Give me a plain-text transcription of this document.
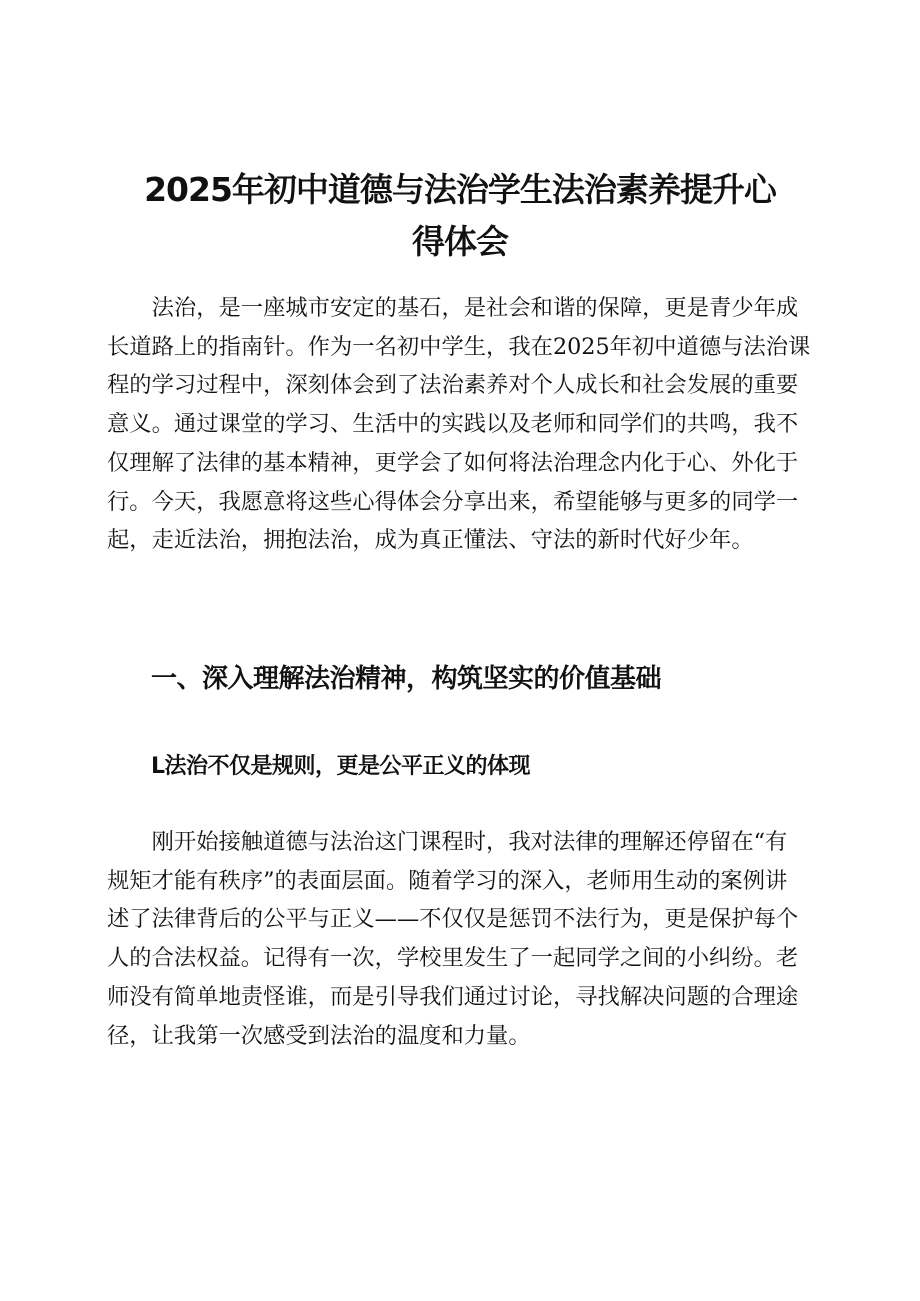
2025年初中道德与法治学生法治素养提升心
得体会

法治，是一座城市安定的基石，是社会和谐的保障，更是青少年成
长道路上的指南针。作为一名初中学生，我在2025年初中道德与法治课
程的学习过程中，深刻体会到了法治素养对个人成长和社会发展的重要
意义。通过课堂的学习、生活中的实践以及老师和同学们的共鸣，我不
仅理解了法律的基本精神，更学会了如何将法治理念内化于心、外化于
行。今天，我愿意将这些心得体会分享出来，希望能够与更多的同学一
起，走近法治，拥抱法治，成为真正懂法、守法的新时代好少年。

一、深入理解法治精神，构筑坚实的价值基础
L法治不仅是规则，更是公平正义的体现

刚开始接触道德与法治这门课程时，我对法律的理解还停留在“有
规矩才能有秩序”的表面层面。随着学习的深入，老师用生动的案例讲
述了法律背后的公平与正义——不仅仅是惩罚不法行为，更是保护每个
人的合法权益。记得有一次，学校里发生了一起同学之间的小纠纷。老
师没有简单地责怪谁，而是引导我们通过讨论，寻找解决问题的合理途
径，让我第一次感受到法治的温度和力量。
